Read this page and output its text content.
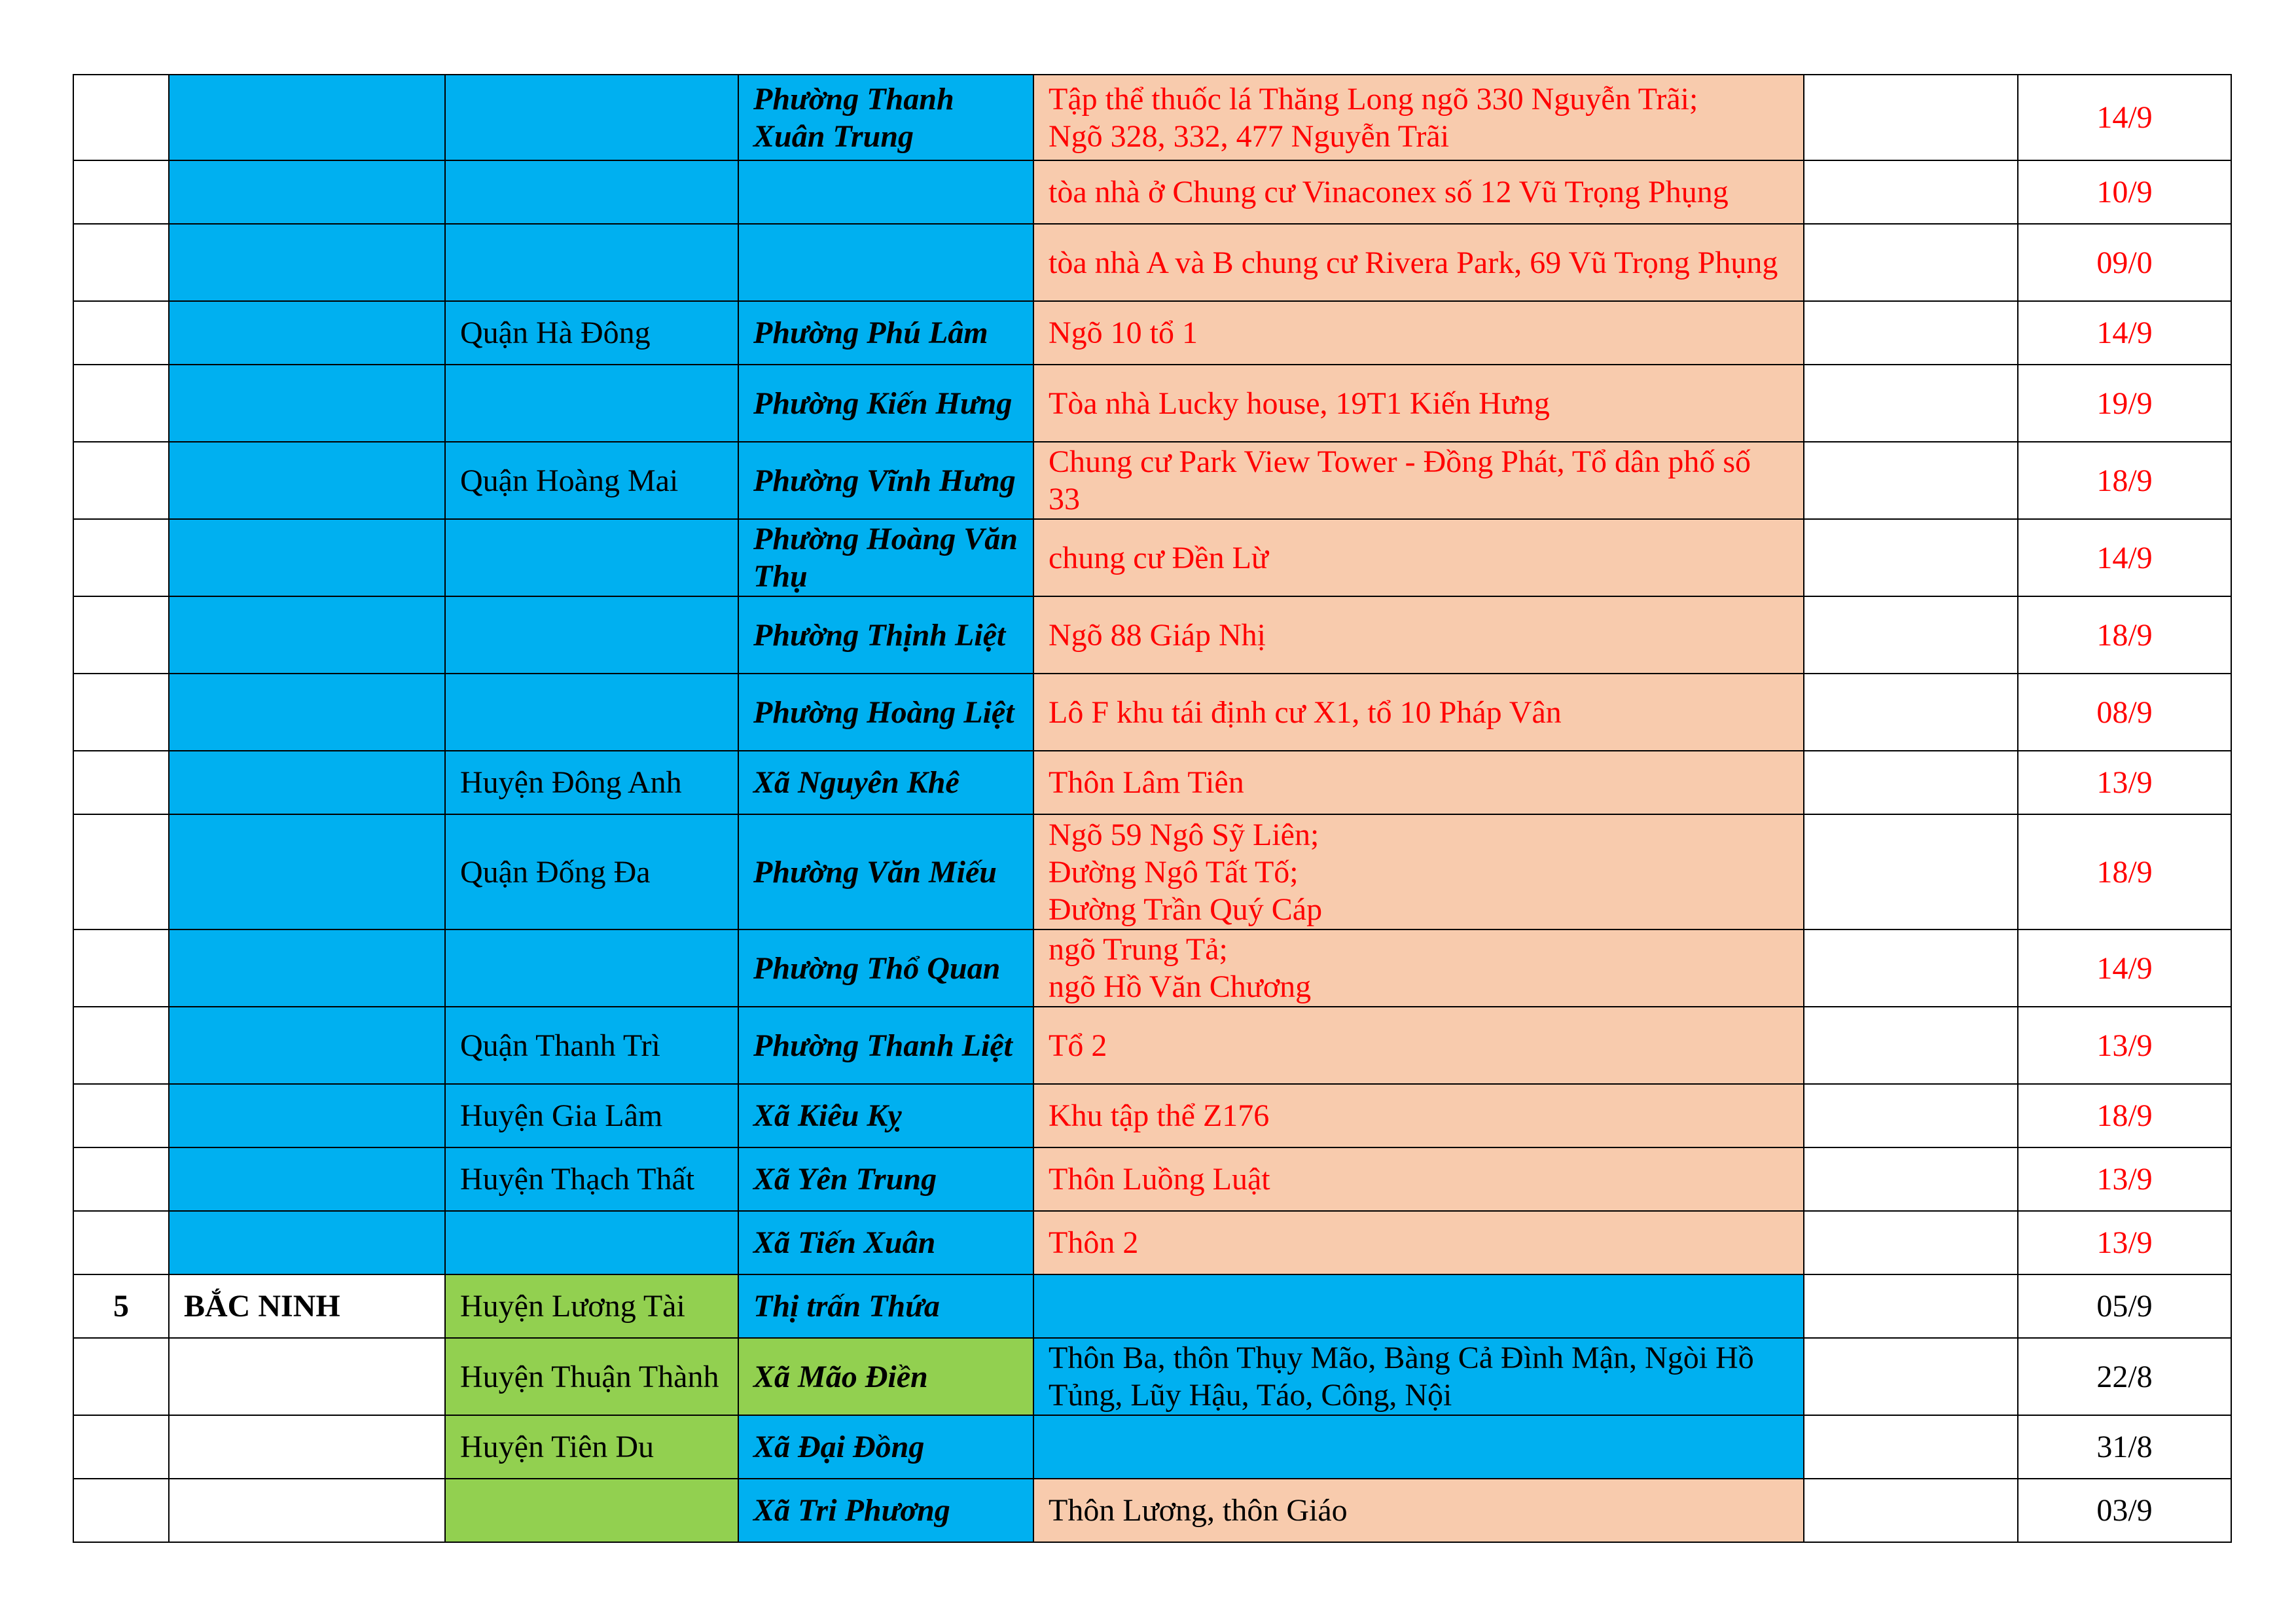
			Phường Thanh Xuân Trung	Tập thể thuốc lá Thăng Long ngõ 330 Nguyễn Trãi;
Ngõ 328, 332, 477 Nguyễn Trãi		14/9

				tòa nhà ở Chung cư Vinaconex số 12 Vũ Trọng Phụng		10/9

				tòa nhà A và B chung cư Rivera Park, 69 Vũ Trọng Phụng		09/0
		Quận Hà Đông	Phường Phú Lâm	Ngõ 10 tổ 1		14/9
			Phường Kiến Hưng	Tòa nhà Lucky house, 19T1 Kiến Hưng		19/9
		Quận Hoàng Mai	Phường Vĩnh Hưng	Chung cư Park View Tower - Đồng Phát, Tổ dân phố số 33		18/9
			Phường Hoàng Văn Thụ	chung cư Đền Lừ		14/9
			Phường Thịnh Liệt	Ngõ 88 Giáp Nhị		18/9
			Phường Hoàng Liệt	Lô F khu tái định cư X1, tổ 10 Pháp Vân		08/9
		Huyện Đông Anh	Xã Nguyên Khê	Thôn Lâm Tiên		13/9
		Quận Đống Đa	Phường Văn Miếu	Ngõ 59 Ngô Sỹ Liên;
Đường Ngô Tất Tố;
Đường Trần Quý Cáp		18/9
			Phường Thổ Quan	ngõ Trung Tả;
ngõ Hồ Văn Chương		14/9
		Quận Thanh Trì	Phường Thanh Liệt	Tổ 2		13/9
		Huyện Gia Lâm	Xã Kiêu Kỵ	Khu tập thể Z176		18/9
		Huyện Thạch Thất	Xã Yên Trung	Thôn Luồng Luật		13/9
			Xã Tiến Xuân	Thôn 2		13/9
5	BẮC NINH	Huyện Lương Tài	Thị trấn Thứa			05/9
		Huyện Thuận Thành	Xã Mão Điền	Thôn Ba, thôn Thụy Mão, Bàng Cả Đình Mận, Ngòi Hồ Tủng, Lũy Hậu, Táo, Công, Nội		22/8
		Huyện Tiên Du	Xã Đại Đồng			31/8
			Xã Tri Phương	Thôn Lương, thôn Giáo		03/9
